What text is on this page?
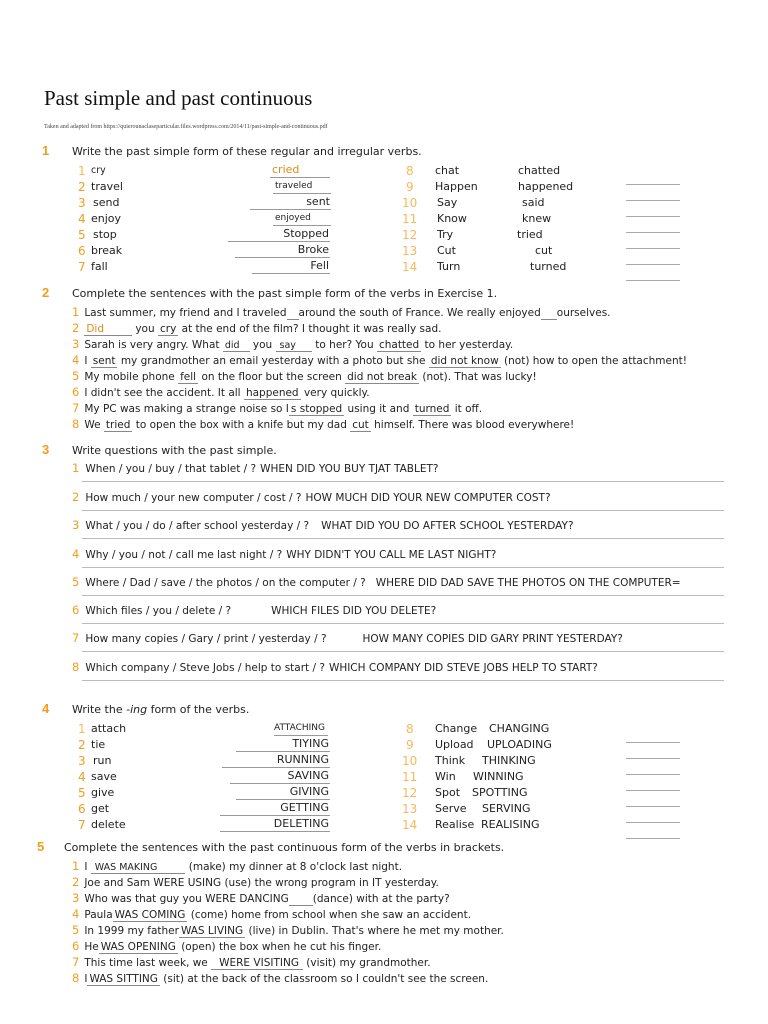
Past simple and past continuous
Taken and adapted from https://quierounaclaseparticular.files.wordpress.com/2014/11/past-simple-and-continuous.pdf
1 Write the past simple form of these regular and irregular verbs.
1 cry	cried
2 travel	traveled
3 send	sent
4 enjoy	enjoyed
5 stop	Stopped
6 break	Broke
7 fall	Fell
8 chat	chatted
9 Happen	happened
10 Say	said
11 Know	knew
12 Try	tried
13 Cut	cut
14 Turn	turned
2 Complete the sentences with the past simple form of the verbs in Exercise 1.
1 Last summer, my friend and I traveled around the south of France. We really enjoyed ourselves.
2 Did	you cry at the end of the film? I thought it was really sad.
3 Sarah is very angry. What did you say to her? You chatted to her yesterday.
4 I sent my grandmother an email yesterday with a photo but she did not know (not) how to open the attachment!
5 My mobile phone fell on the floor but the screen did not break (not). That was lucky!
6 I didn't see the accident. It all happened very quickly.
7 My PC was making a strange noise so I s stopped using it and turned it off.
8 We tried to open the box with a knife but my dad cut himself. There was blood everywhere!
3 Write questions with the past simple.
1 When / you / buy / that tablet / ? WHEN DID YOU BUY TJAT TABLET?
2 How much / your new computer / cost / ? HOW MUCH DID YOUR NEW COMPUTER COST?
3 What / you / do / after school yesterday / ? WHAT DID YOU DO AFTER SCHOOL YESTERDAY?
4 Why / you / not / call me last night / ? WHY DIDN'T YOU CALL ME LAST NIGHT?
5 Where / Dad / save / the photos / on the computer / ? WHERE DID DAD SAVE THE PHOTOS ON THE COMPUTER=
6 Which files / you / delete / ?	WHICH FILES DID YOU DELETE?
7 How many copies / Gary / print / yesterday / ?	HOW MANY COPIES DID GARY PRINT YESTERDAY?
8 Which company / Steve Jobs / help to start / ? WHICH COMPANY DID STEVE JOBS HELP TO START?
4 Write the -ing form of the verbs.
1 attach	ATTACHING
2 tie	TIYING
3 run	RUNNING
4 save	SAVING
5 give	GIVING
6 get	GETTING
7 delete	DELETING
8 Change CHANGING
9 Upload UPLOADING
10 Think THINKING
11 Win WINNING
12 Spot SPOTTING
13 Serve SERVING
14 Realise REALISING
5 Complete the sentences with the past continuous form of the verbs in brackets.
1 I WAS MAKING	(make) my dinner at 8 o'clock last night.
2 Joe and Sam WERE USING (use) the wrong program in IT yesterday.
3 Who was that guy you WERE DANCING (dance) with at the party?
4 Paula WAS COMING (come) home from school when she saw an accident.
5 In 1999 my father WAS LIVING (live) in Dublin. That's where he met my mother.
6 He WAS OPENING (open) the box when he cut his finger.
7 This time last week, we WERE VISITING (visit) my grandmother.
8 I WAS SITTING (sit) at the back of the classroom so I couldn't see the screen.
